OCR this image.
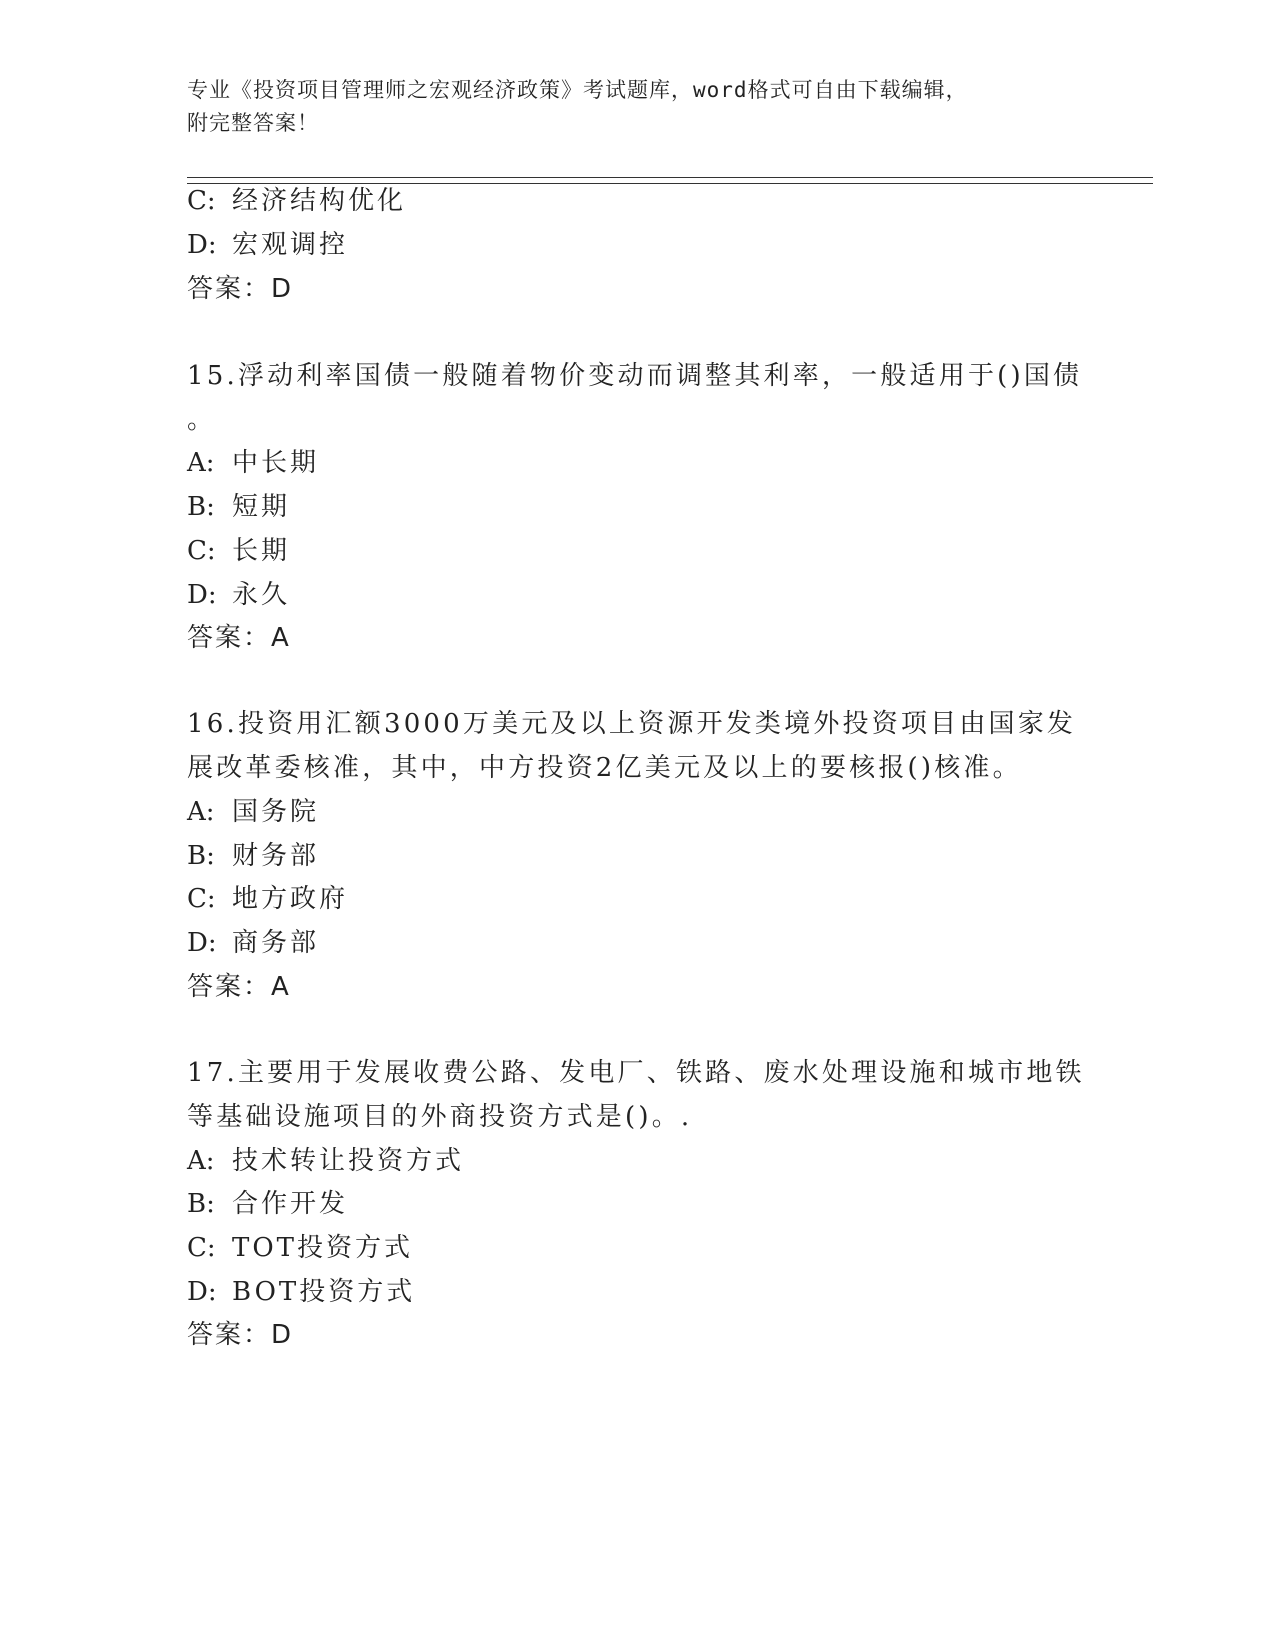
专业《投资项目管理师之宏观经济政策》考试题库，word格式可自由下载编辑，
附完整答案！
C: 经济结构优化
D: 宏观调控
答案：D
15.浮动利率国债一般随着物价变动而调整其利率，一般适用于()国债
。
A: 中长期
B: 短期
C: 长期
D: 永久
答案：A
16.投资用汇额3000万美元及以上资源开发类境外投资项目由国家发
展改革委核准，其中，中方投资2亿美元及以上的要核报()核准。
A: 国务院
B: 财务部
C: 地方政府
D: 商务部
答案：A
17.主要用于发展收费公路、发电厂、铁路、废水处理设施和城市地铁
等基础设施项目的外商投资方式是()。.
A: 技术转让投资方式
B: 合作开发
C: TOT投资方式
D: BOT投资方式
答案：D
